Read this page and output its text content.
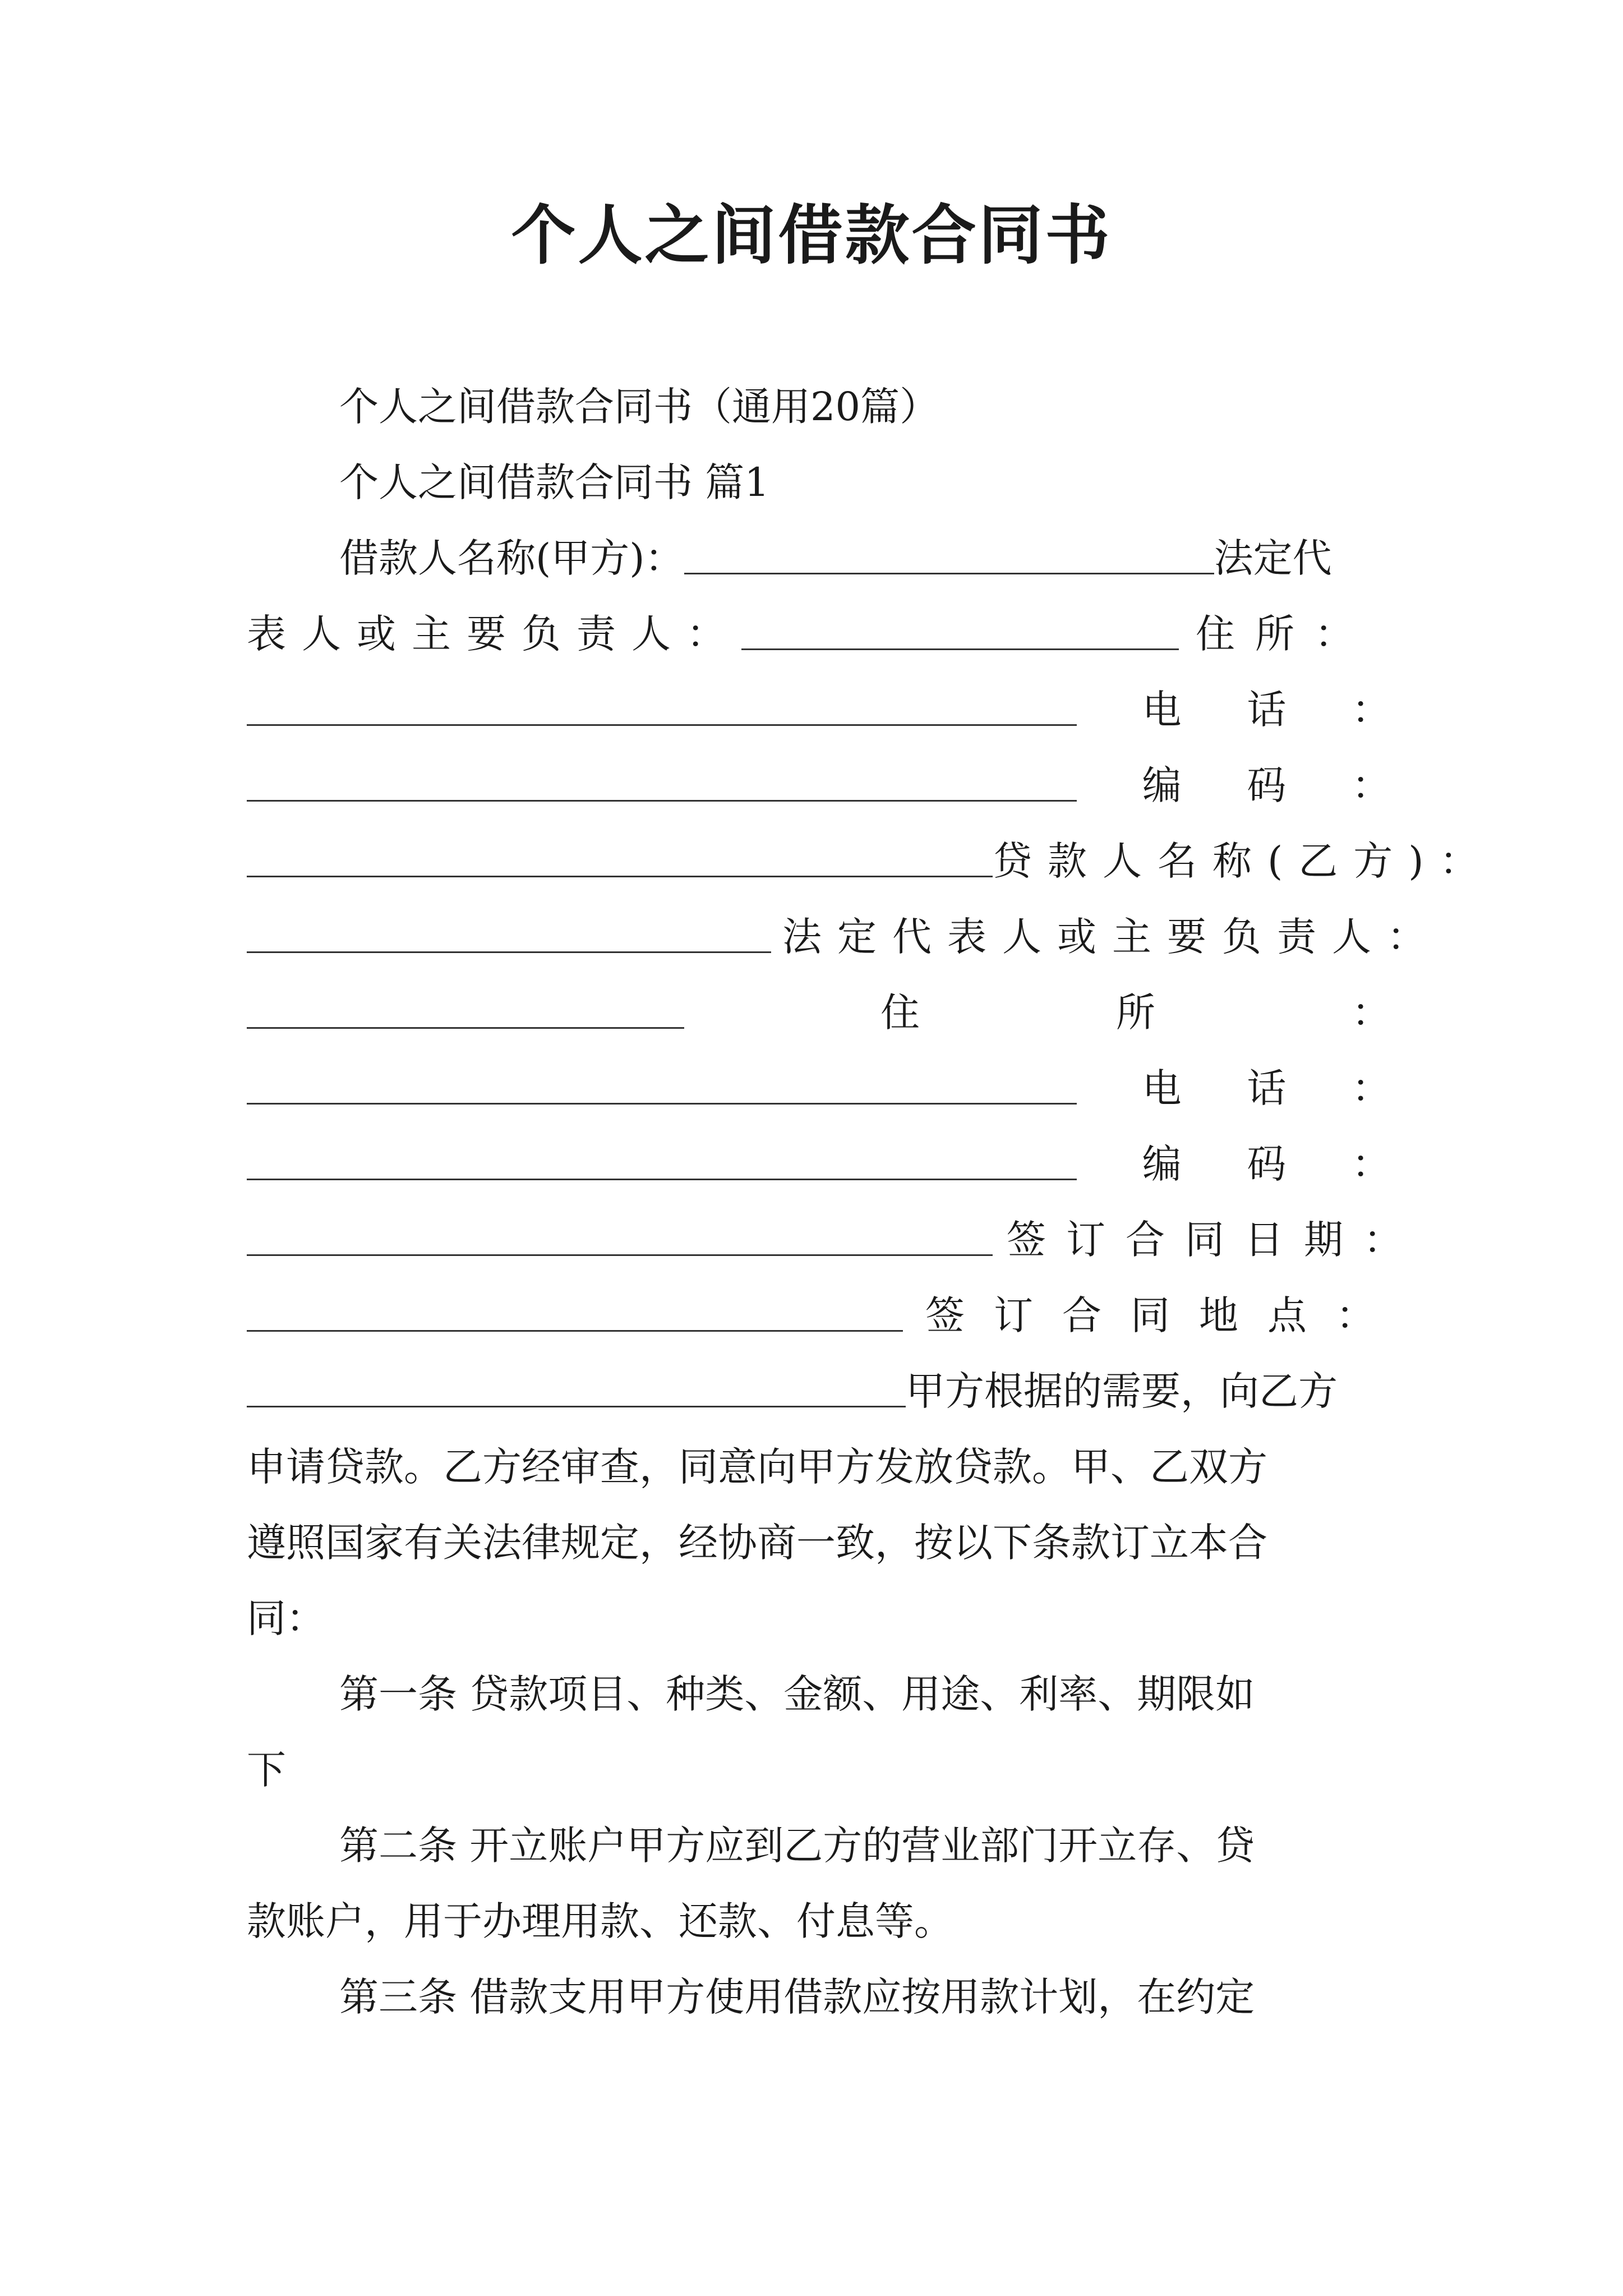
个人之间借款合同书
个人之间借款合同书（通用20篇）
个人之间借款合同书 篇1
借款人名称(甲方)：	法定代
表人或主要负责人：	住所：
电 话 ：
编 码 ：
贷款人名称(乙方)：
法定代表人或主要负责人：
住	所	：
电 话 ：
编 码 ：
签订合同日期：
签订合同地点：
甲方根据的需要，向乙方
申请贷款。乙方经审查，同意向甲方发放贷款。甲、乙双方
遵照国家有关法律规定，经协商一致，按以下条款订立本合
同：
第一条 贷款项目、种类、金额、用途、利率、期限如
下
第二条 开立账户甲方应到乙方的营业部门开立存、贷
款账户，用于办理用款、还款、付息等。
第三条 借款支用甲方使用借款应按用款计划，在约定
